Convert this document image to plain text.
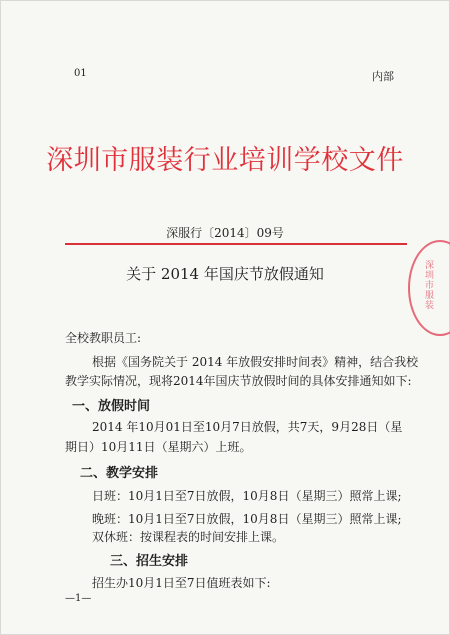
01	内部
深圳市服装行业培训学校文件
深服行〔2014〕09号
深圳市服装
关于 2014 年国庆节放假通知
全校教职员工:
根据《国务院关于 2014 年放假安排时间表》精神，结合我校
教学实际情况，现将2014年国庆节放假时间的具体安排通知如下:
一、放假时间
2014 年10月01日至10月7日放假，共7天，9月28日（星
期日）10月11日（星期六）上班。
二、教学安排
日班：10月1日至7日放假，10月8日（星期三）照常上课;
晚班：10月1日至7日放假，10月8日（星期三）照常上课;
双休班：按课程表的时间安排上课。
三、招生安排
招生办10月1日至7日值班表如下:
—1—
